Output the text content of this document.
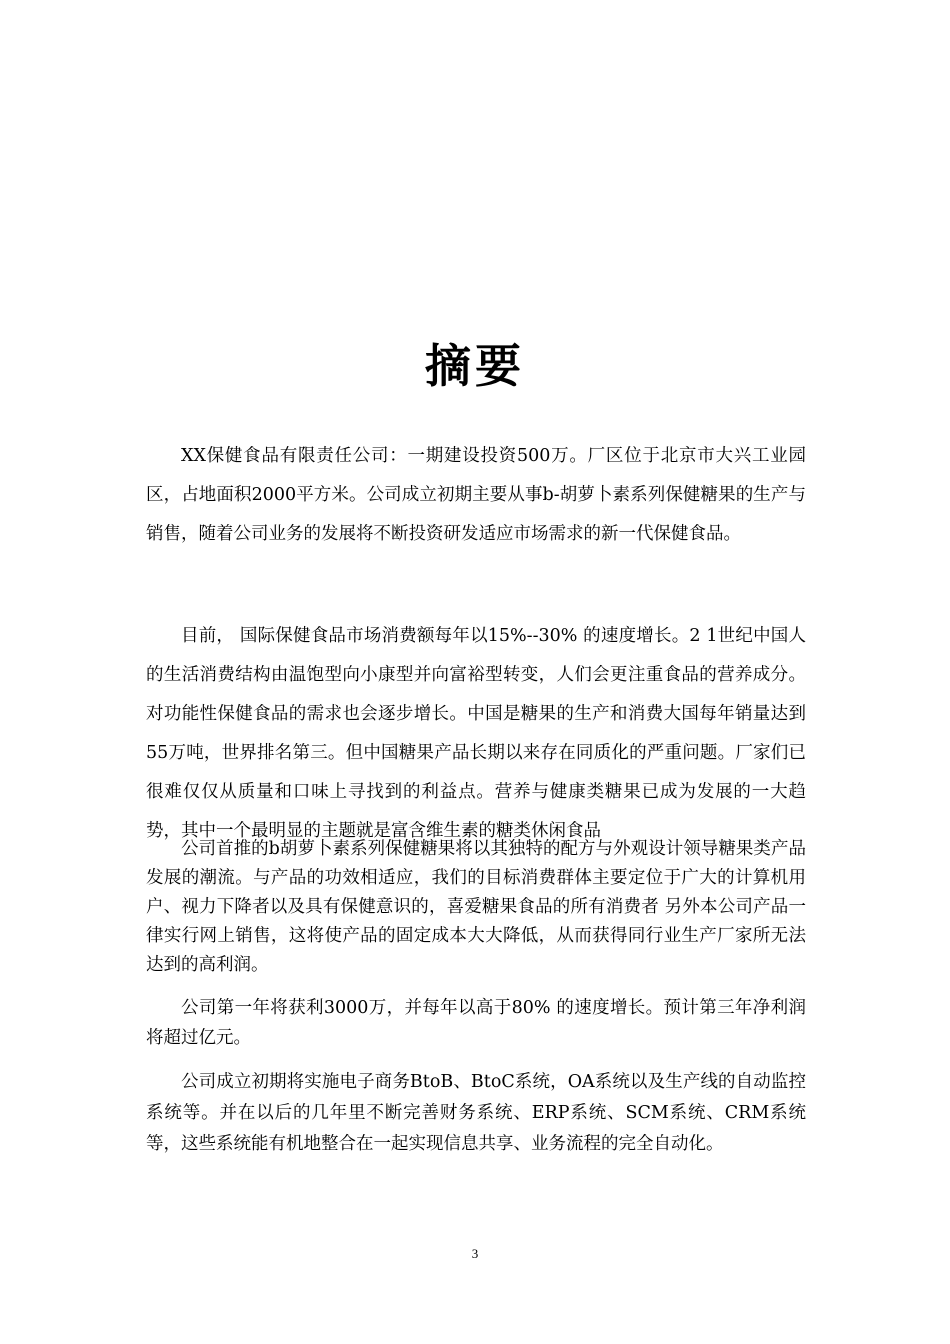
摘要

XX保健食品有限责任公司：一期建设投资500万。厂区位于北京市大兴工业园区，占地面积2000平方米。公司成立初期主要从事b-胡萝卜素系列保健糖果的生产与销售，随着公司业务的发展将不断投资研发适应市场需求的新一代保健食品。

目前， 国际保健食品市场消费额每年以15%--30% 的速度增长。2 1世纪中国人的生活消费结构由温饱型向小康型并向富裕型转变，人们会更注重食品的营养成分。对功能性保健食品的需求也会逐步增长。中国是糖果的生产和消费大国每年销量达到55万吨，世界排名第三。但中国糖果产品长期以来存在同质化的严重问题。厂家们已很难仅仅从质量和口味上寻找到的利益点。营养与健康类糖果已成为发展的一大趋势，其中一个最明显的主题就是富含维生素的糖类休闲食品

公司首推的b胡萝卜素系列保健糖果将以其独特的配方与外观设计领导糖果类产品发展的潮流。与产品的功效相适应，我们的目标消费群体主要定位于广大的计算机用户、视力下降者以及具有保健意识的，喜爱糖果食品的所有消费者 另外本公司产品一律实行网上销售，这将使产品的固定成本大大降低，从而获得同行业生产厂家所无法达到的高利润。

公司第一年将获利3000万，并每年以高于80% 的速度增长。预计第三年净利润将超过亿元。

公司成立初期将实施电子商务BtoB、BtoC系统，OA系统以及生产线的自动监控系统等。并在以后的几年里不断完善财务系统、ERP系统、SCM系统、CRM系统等，这些系统能有机地整合在一起实现信息共享、业务流程的完全自动化。

3
